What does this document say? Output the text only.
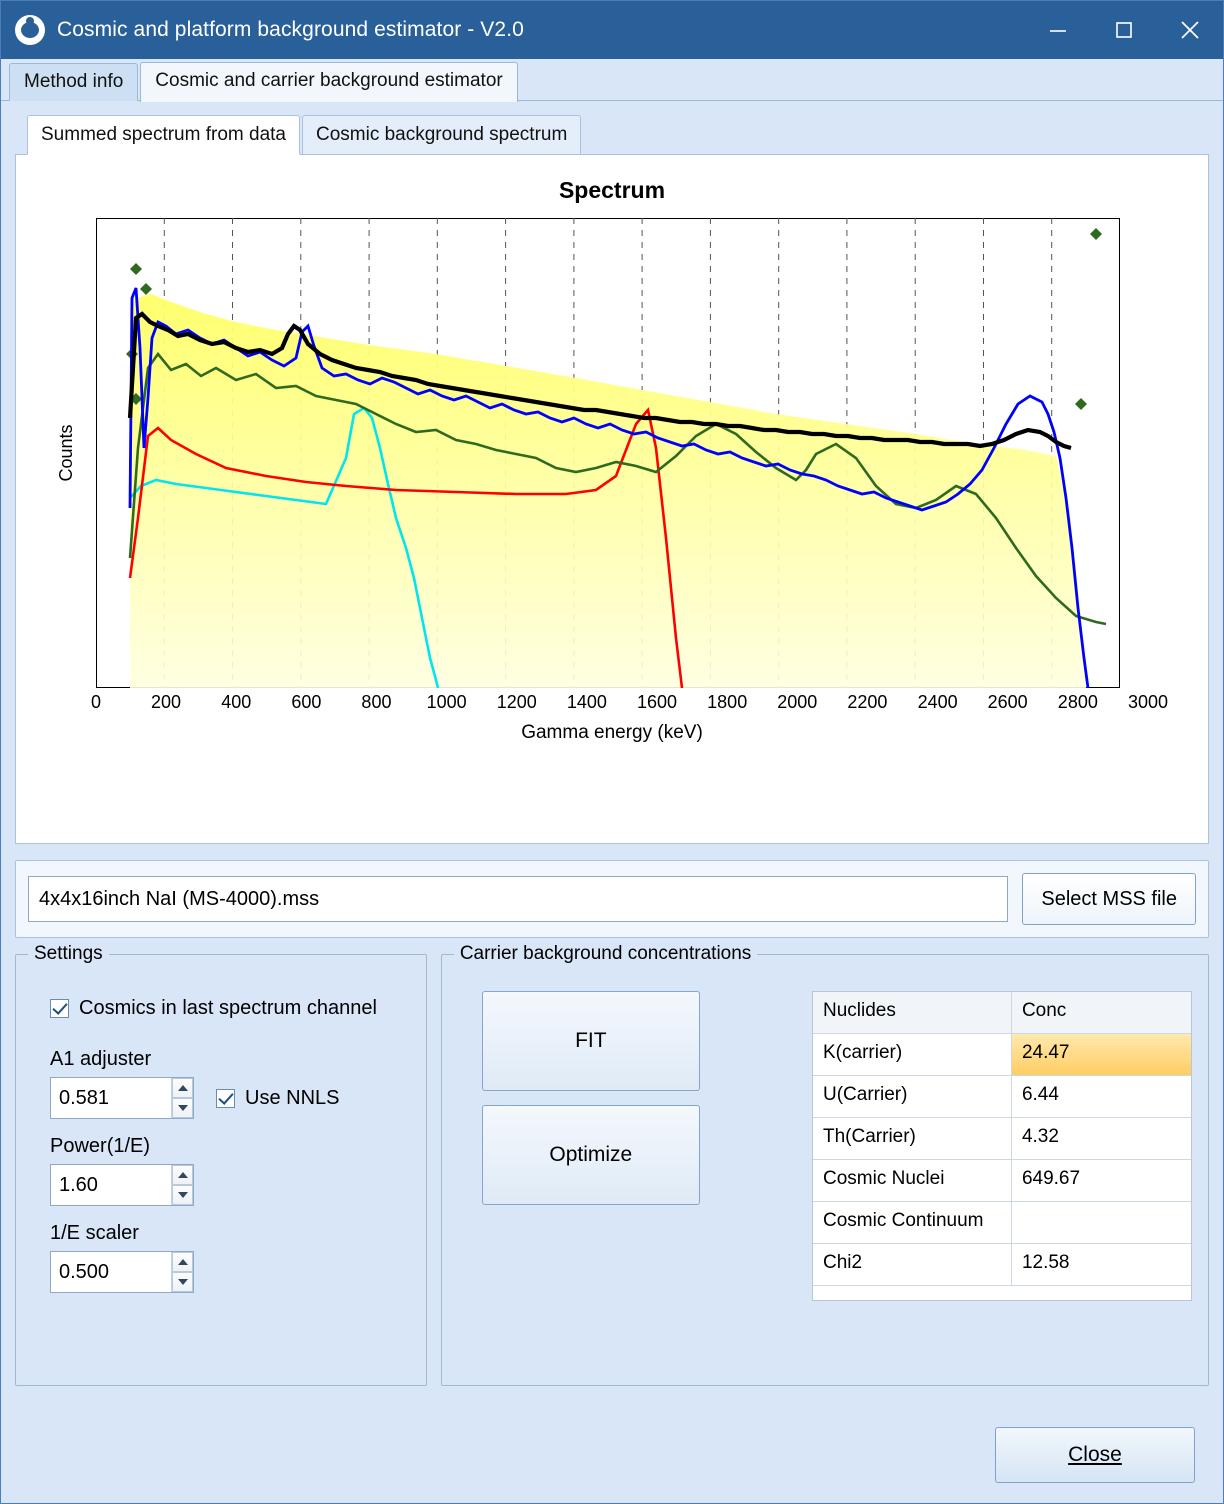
Cosmic and platform background estimator - V2.0
Method info	Cosmic and carrier background estimator
Summed spectrum from data	Cosmic background spectrum
Spectrum
Counts
0	200 400 600 800 1000 1200 1400 1600 1800 2000 2200 2400 2600 2800 3000
Gamma energy (keV)
4x4x16inch NaI (MS-4000).mss
Select MSS file
Settings
Cosmics in last spectrum channel
A1 adjuster
0.581
Use NNLS
Power(1/E)
1.60
1/E scaler
0.500
Carrier background concentrations
FIT Optimize
Nuclides	Conc
K(carrier)	24.47
U(Carrier)	6.44
Th(Carrier)	4.32
Cosmic Nuclei	649.67
Cosmic Continuum
Chi2	12.58
Close
